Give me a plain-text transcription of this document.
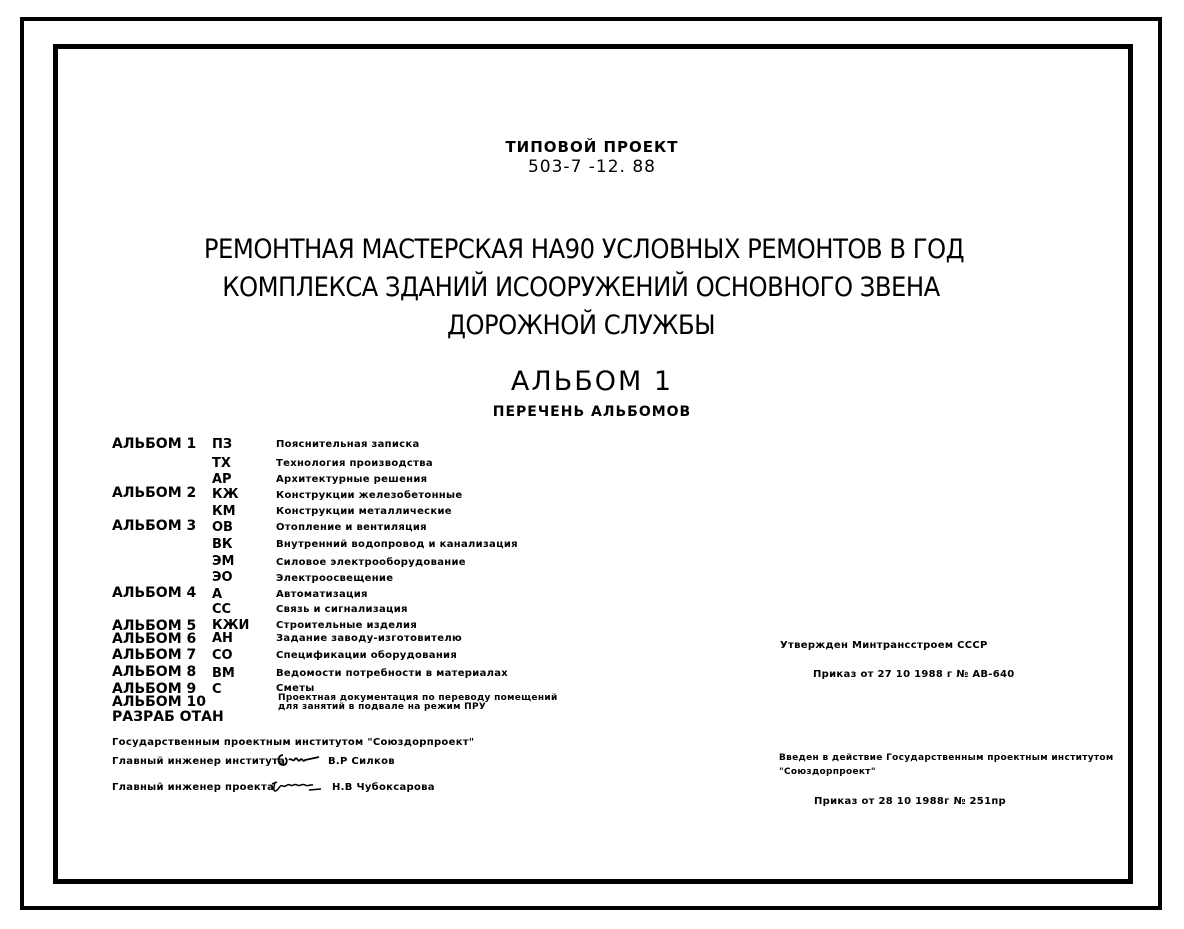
ТИПОВОЙ ПРОЕКТ
503-7 -12. 88
РЕМОНТНАЯ МАСТЕРСКАЯ НА90 УСЛОВНЫХ РЕМОНТОВ В ГОД
КОМПЛЕКСА ЗДАНИЙ ИСООРУЖЕНИЙ ОСНОВНОГО ЗВЕНА
ДОРОЖНОЙ СЛУЖБЫ
АЛЬБОМ 1
ПЕРЕЧЕНЬ АЛЬБОМОВ
АЛЬБОМ 1
АЛЬБОМ 2
АЛЬБОМ 3
АЛЬБОМ 4
АЛЬБОМ 5
АЛЬБОМ 6
АЛЬБОМ 7
АЛЬБОМ 8
АЛЬБОМ 9
АЛЬБОМ 10
РАЗРАБ ОТАН
ПЗ
ТХ
АР
КЖ
КМ
ОВ
ВК
ЭМ
ЭО
А
СС
КЖИ
АН
СО
ВМ
С
Пояснительная записка
Технология производства
Архитектурные решения
Конструкции железобетонные
Конструкции металлические
Отопление и вентиляция
Внутренний водопровод и канализация
Силовое электрооборудование
Электроосвещение
Автоматизация
Связь и сигнализация
Строительные изделия
Задание заводу-изготовителю
Спецификации оборудования
Ведомости потребности в материалах
Сметы
Проектная документация по переводу помещений
для занятий в подвале на режим ПРУ
Государственным проектным институтом "Союздорпроект"
Главный инженер института	В.Р Силков
Главный инженер проекта	Н.В Чубоксарова
Утвержден Минтрансстроем СССР
Приказ от 27 10 1988 г № АВ-640
Введен в действие Государственным проектным институтом
"Союздорпроект"
Приказ от 28 10 1988г № 251пр
